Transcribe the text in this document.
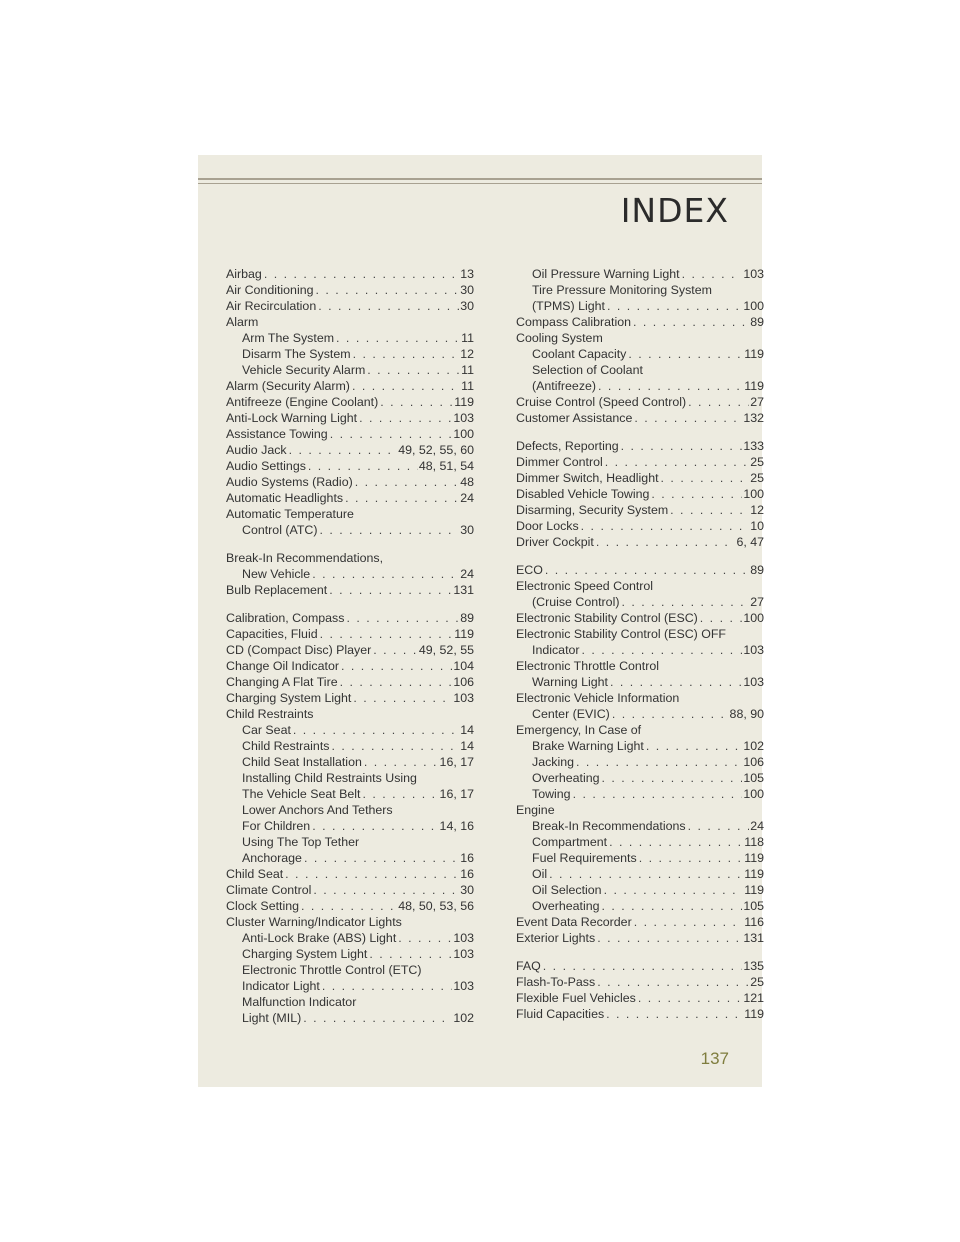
INDEX
Airbag . . .	13
Air Conditioning . . .	30
Air Recirculation . . .	30
Alarm
Arm The System . . .	11
Disarm The System . . .	12
Vehicle Security Alarm . . .	11
Alarm (Security Alarm) . . .	11
Antifreeze (Engine Coolant) . . .	119
Anti-Lock Warning Light . . .	103
Assistance Towing . . .	100
Audio Jack . . .	49, 52, 55, 60
Audio Settings . . .	48, 51, 54
Audio Systems (Radio) . . .	48
Automatic Headlights . . .	24
Automatic Temperature
Control (ATC) . . .	30
Break-In Recommendations,
New Vehicle . . .	24
Bulb Replacement . . .	131
Calibration, Compass . . .	89
Capacities, Fluid . . .	119
CD (Compact Disc) Player . . .	49, 52, 55
Change Oil Indicator . . .	104
Changing A Flat Tire . . .	106
Charging System Light . . .	103
Child Restraints
Car Seat . . .	14
Child Restraints . . .	14
Child Seat Installation . . .	16, 17
Installing Child Restraints Using
The Vehicle Seat Belt . . .	16, 17
Lower Anchors And Tethers
For Children . . .	14, 16
Using The Top Tether
Anchorage . . .	16
Child Seat . . .	16
Climate Control . . .	30
Clock Setting . . .	48, 50, 53, 56
Cluster Warning/Indicator Lights
Anti-Lock Brake (ABS) Light . . .	103
Charging System Light . . .	103
Electronic Throttle Control (ETC)
Indicator Light . . .	103
Malfunction Indicator
Light (MIL) . . .	102
Oil Pressure Warning Light . . .	103
Tire Pressure Monitoring System
(TPMS) Light . . .	100
Compass Calibration . . .	89
Cooling System
Coolant Capacity . . .	119
Selection of Coolant
(Antifreeze) . . .	119
Cruise Control (Speed Control) . . .	27
Customer Assistance . . .	132
Defects, Reporting . . .	133
Dimmer Control . . .	25
Dimmer Switch, Headlight . . .	25
Disabled Vehicle Towing . . .	100
Disarming, Security System . . .	12
Door Locks . . .	10
Driver Cockpit . . .	6, 47
ECO . . .	89
Electronic Speed Control
(Cruise Control) . . .	27
Electronic Stability Control (ESC) . . .	100
Electronic Stability Control (ESC) OFF
Indicator . . .	103
Electronic Throttle Control
Warning Light . . .	103
Electronic Vehicle Information
Center (EVIC) . . .	88, 90
Emergency, In Case of
Brake Warning Light . . .	102
Jacking . . .	106
Overheating . . .	105
Towing . . .	100
Engine
Break-In Recommendations . . .	24
Compartment . . .	118
Fuel Requirements . . .	119
Oil . . .	119
Oil Selection . . .	119
Overheating . . .	105
Event Data Recorder . . .	116
Exterior Lights . . .	131
FAQ . . .	135
Flash-To-Pass . . .	25
Flexible Fuel Vehicles . . .	121
Fluid Capacities . . .	119
137
